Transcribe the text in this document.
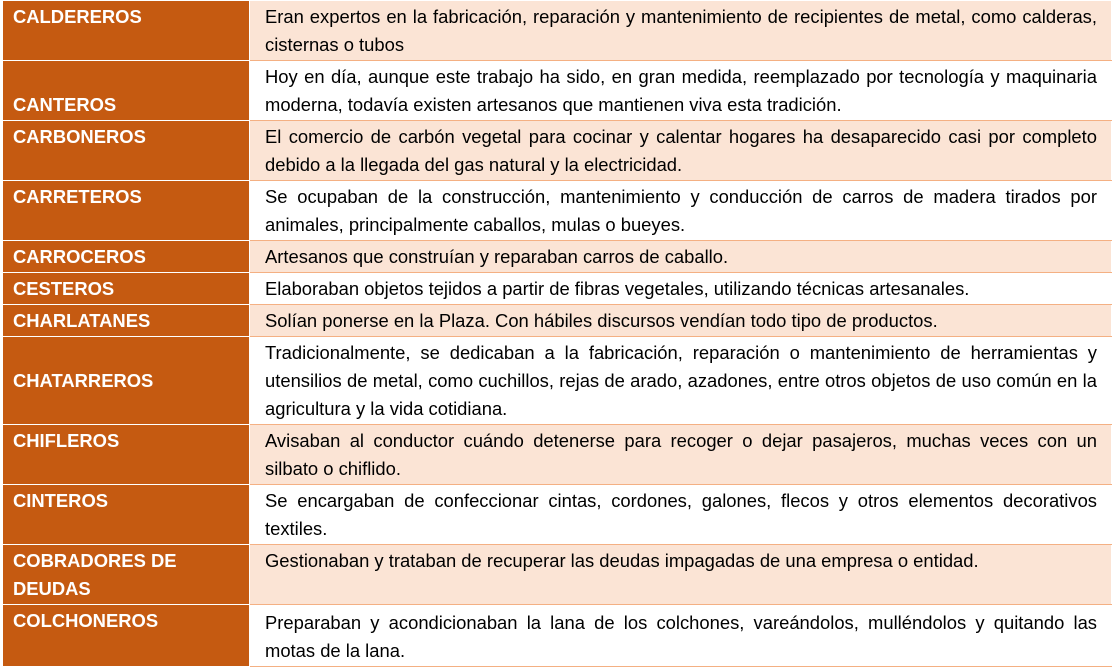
CALDEREROS	Eran expertos en la fabricación, reparación y mantenimiento de recipientes de metal, como calderas, cisternas o tubos
CANTEROS	Hoy en día, aunque este trabajo ha sido, en gran medida, reemplazado por tecnología y maquinaria moderna, todavía existen artesanos que mantienen viva esta tradición.
CARBONEROS	El comercio de carbón vegetal para cocinar y calentar hogares ha desaparecido casi por completo debido a la llegada del gas natural y la electricidad.
CARRETEROS	Se ocupaban de la construcción, mantenimiento y conducción de carros de madera tirados por animales, principalmente caballos, mulas o bueyes.
CARROCEROS	Artesanos que construían y reparaban carros de caballo.
CESTEROS	Elaboraban objetos tejidos a partir de fibras vegetales, utilizando técnicas artesanales.
CHARLATANES	Solían ponerse en la Plaza. Con hábiles discursos vendían todo tipo de productos.
CHATARREROS	Tradicionalmente, se dedicaban a la fabricación, reparación o mantenimiento de herramientas y utensilios de metal, como cuchillos, rejas de arado, azadones, entre otros objetos de uso común en la agricultura y la vida cotidiana.
CHIFLEROS	Avisaban al conductor cuándo detenerse para recoger o dejar pasajeros, muchas veces con un silbato o chiflido.
CINTEROS	Se encargaban de confeccionar cintas, cordones, galones, flecos y otros elementos decorativos textiles.
COBRADORES DE DEUDAS	Gestionaban y trataban de recuperar las deudas impagadas de una empresa o entidad.
COLCHONEROS	Preparaban y acondicionaban la lana de los colchones, vareándolos, mulléndolos y quitando las motas de la lana.
